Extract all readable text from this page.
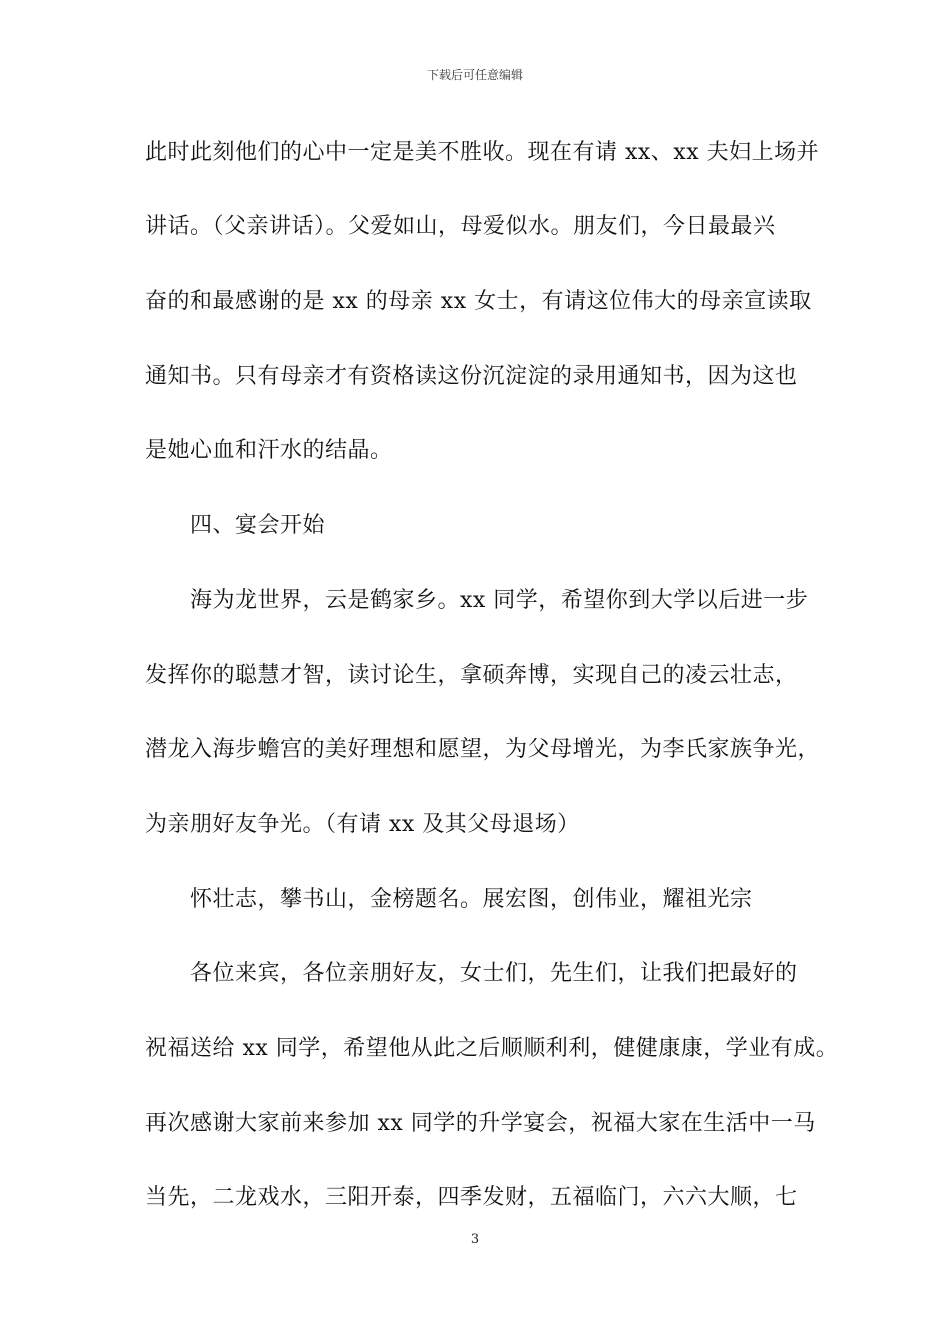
下载后可任意编辑
此时此刻他们的心中一定是美不胜收。现在有请 xx、xx 夫妇上场并
讲话。（父亲讲话）。父爱如山，母爱似水。朋友们，今日最最兴
奋的和最感谢的是 xx 的母亲 xx 女士，有请这位伟大的母亲宣读取
通知书。只有母亲才有资格读这份沉淀淀的录用通知书，因为这也
是她心血和汗水的结晶。
四、宴会开始
海为龙世界，云是鹤家乡。xx 同学，希望你到大学以后进一步
发挥你的聪慧才智，读讨论生，拿硕奔博，实现自己的凌云壮志，
潜龙入海步蟾宫的美好理想和愿望，为父母增光，为李氏家族争光，
为亲朋好友争光。（有请 xx 及其父母退场）
怀壮志，攀书山，金榜题名。展宏图，创伟业，耀祖光宗
各位来宾，各位亲朋好友，女士们，先生们，让我们把最好的
祝福送给 xx 同学，希望他从此之后顺顺利利，健健康康，学业有成。
再次感谢大家前来参加 xx 同学的升学宴会，祝福大家在生活中一马
当先，二龙戏水，三阳开泰，四季发财，五福临门，六六大顺，七
3
